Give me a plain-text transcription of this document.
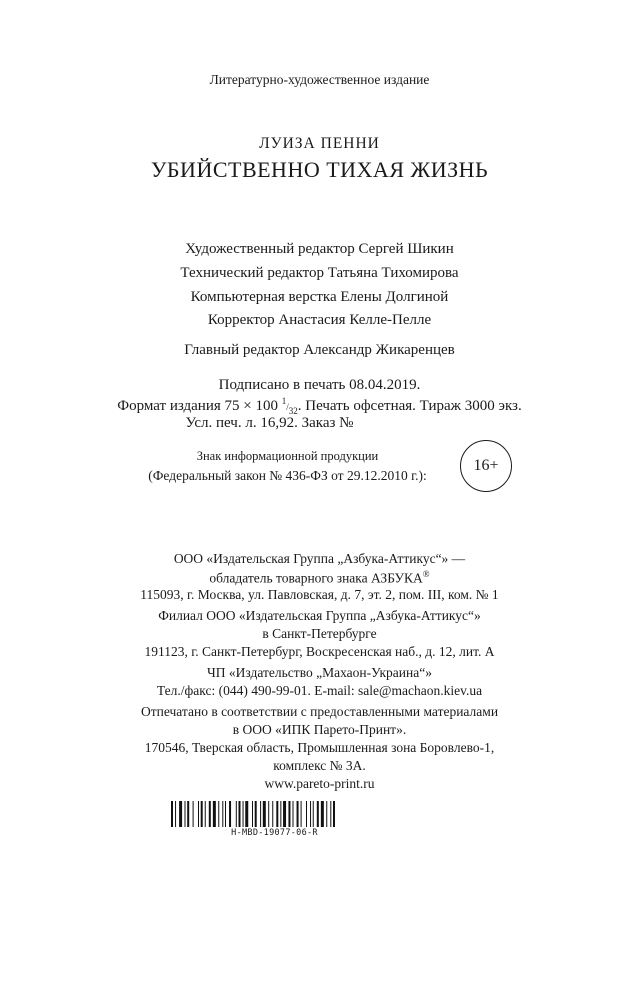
Литературно-художественное издание
ЛУИЗА ПЕННИ
УБИЙСТВЕННО ТИХАЯ ЖИЗНЬ
Художественный редактор Сергей Шикин
Технический редактор Татьяна Тихомирова
Компьютерная верстка Елены Долгиной
Корректор Анастасия Келле-Пелле
Главный редактор Александр Жикаренцев
Подписано в печать 08.04.2019.
Формат издания 75 × 100 $^1/_{32}$. Печать офсетная. Тираж 3000 экз.
Усл. печ. л. 16,92. Заказ №
Знак информационной продукции
(Федеральный закон № 436-ФЗ от 29.12.2010 г.):
16+
ООО «Издательская Группа „Азбука-Аттикус“» —
обладатель товарного знака АЗБУКА®
115093, г. Москва, ул. Павловская, д. 7, эт. 2, пом. III, ком. № 1
Филиал ООО «Издательская Группа „Азбука-Аттикус“»
в Санкт-Петербурге
191123, г. Санкт-Петербург, Воскресенская наб., д. 12, лит. А
ЧП «Издательство „Махаон-Украина“»
Тел./факс: (044) 490-99-01. E-mail: sale@machaon.kiev.ua
Отпечатано в соответствии с предоставленными материалами
в ООО «ИПК Парето-Принт».
170546, Тверская область, Промышленная зона Боровлево-1,
комплекс № 3А.
www.pareto-print.ru
H-MBD-19077-06-R
